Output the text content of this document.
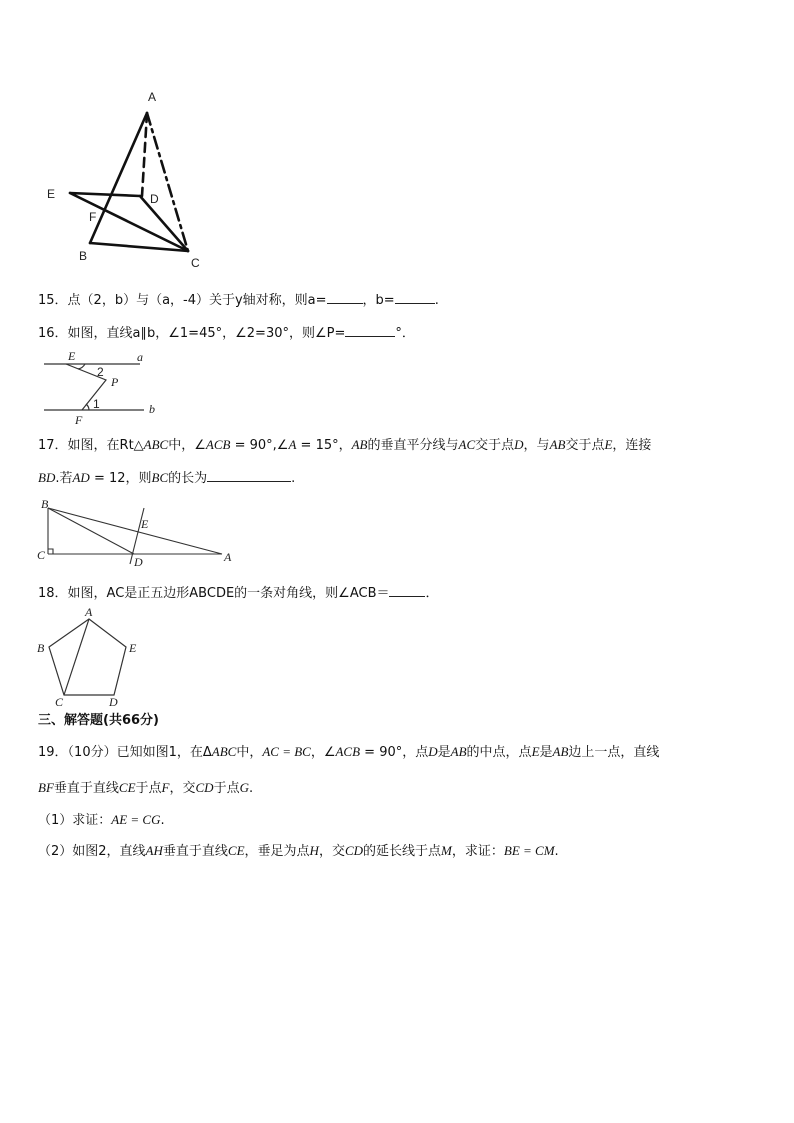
A
D
E
F
B	C
15．点（2，b）与（a，-4）关于y轴对称，则a=	，b=	.
16．如图，直线a∥b，∠1=45°，∠2=30°，则∠P=	°．
E	a
2
P
1	b
F
17．如图，在Rt△ABC中，∠ACB = 90°,∠A = 15°，AB的垂直平分线与AC交于点D，与AB交于点E，连接
BD.若AD = 12，则BC的长为	.
B
E
C	D	A
18．如图，AC是正五边形ABCDE的一条对角线，则∠ACB＝	．
A
B	E
C	D
三、解答题(共66分)
19．（10分）已知如图1，在ΔABC中，AC = BC，∠ACB = 90°，点D是AB的中点，点E是AB边上一点，直线
BF垂直于直线CE于点F，交CD于点G.
（1）求证：AE = CG.
（2）如图2，直线AH垂直于直线CE，垂足为点H，交CD的延长线于点M，求证：BE = CM.
